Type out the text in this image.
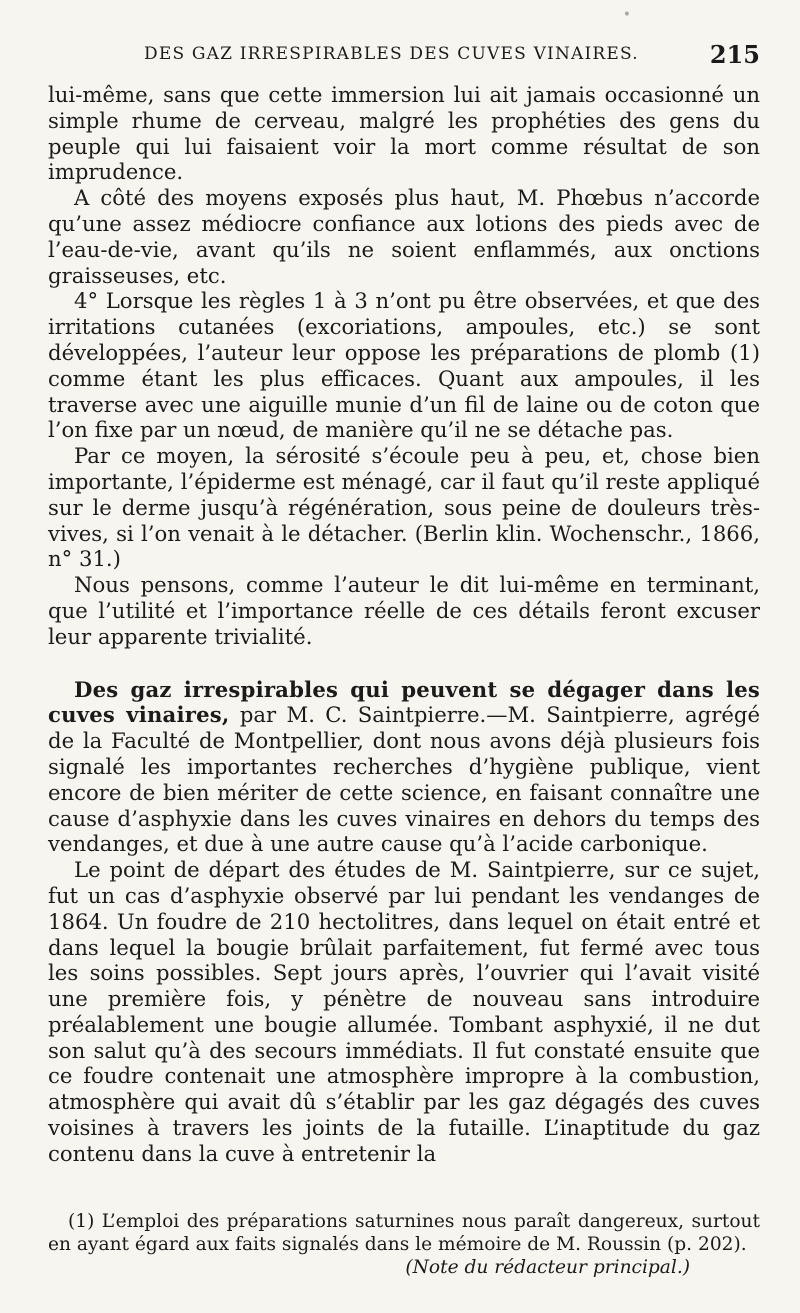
•
DES GAZ IRRESPIRABLES DES CUVES VINAIRES.	215

lui-même, sans que cette immersion lui ait jamais occasionné un simple rhume de cerveau, malgré les prophéties des gens du peuple qui lui faisaient voir la mort comme résultat de son imprudence.

A côté des moyens exposés plus haut, M. Phœbus n’accorde qu’une assez médiocre confiance aux lotions des pieds avec de l’eau-de-vie, avant qu’ils ne soient enflammés, aux onctions graisseuses, etc.

4° Lorsque les règles 1 à 3 n’ont pu être observées, et que des irritations cutanées (excoriations, ampoules, etc.) se sont développées, l’auteur leur oppose les préparations de plomb (1) comme étant les plus efficaces. Quant aux ampoules, il les traverse avec une aiguille munie d’un fil de laine ou de coton que l’on fixe par un nœud, de manière qu’il ne se détache pas.

Par ce moyen, la sérosité s’écoule peu à peu, et, chose bien importante, l’épiderme est ménagé, car il faut qu’il reste appliqué sur le derme jusqu’à régénération, sous peine de douleurs très-vives, si l’on venait à le détacher. (Berlin klin. Wochenschr., 1866, n° 31.)

Nous pensons, comme l’auteur le dit lui-même en terminant, que l’utilité et l’importance réelle de ces détails feront excuser leur apparente trivialité.

Des gaz irrespirables qui peuvent se dégager dans les cuves vinaires, par M. C. Saintpierre.—M. Saintpierre, agrégé de la Faculté de Montpellier, dont nous avons déjà plusieurs fois signalé les importantes recherches d’hygiène publique, vient encore de bien mériter de cette science, en faisant connaître une cause d’asphyxie dans les cuves vinaires en dehors du temps des vendanges, et due à une autre cause qu’à l’acide carbonique.

Le point de départ des études de M. Saintpierre, sur ce sujet, fut un cas d’asphyxie observé par lui pendant les vendanges de 1864. Un foudre de 210 hectolitres, dans lequel on était entré et dans lequel la bougie brûlait parfaitement, fut fermé avec tous les soins possibles. Sept jours après, l’ouvrier qui l’avait visité une première fois, y pénètre de nouveau sans introduire préalablement une bougie allumée. Tombant asphyxié, il ne dut son salut qu’à des secours immédiats. Il fut constaté ensuite que ce foudre contenait une atmosphère impropre à la combustion, atmosphère qui avait dû s’établir par les gaz dégagés des cuves voisines à travers les joints de la futaille. L’inaptitude du gaz contenu dans la cuve à entretenir la

(1) L’emploi des préparations saturnines nous paraît dangereux, surtout en ayant égard aux faits signalés dans le mémoire de M. Roussin (p. 202).

(Note du rédacteur principal.)
